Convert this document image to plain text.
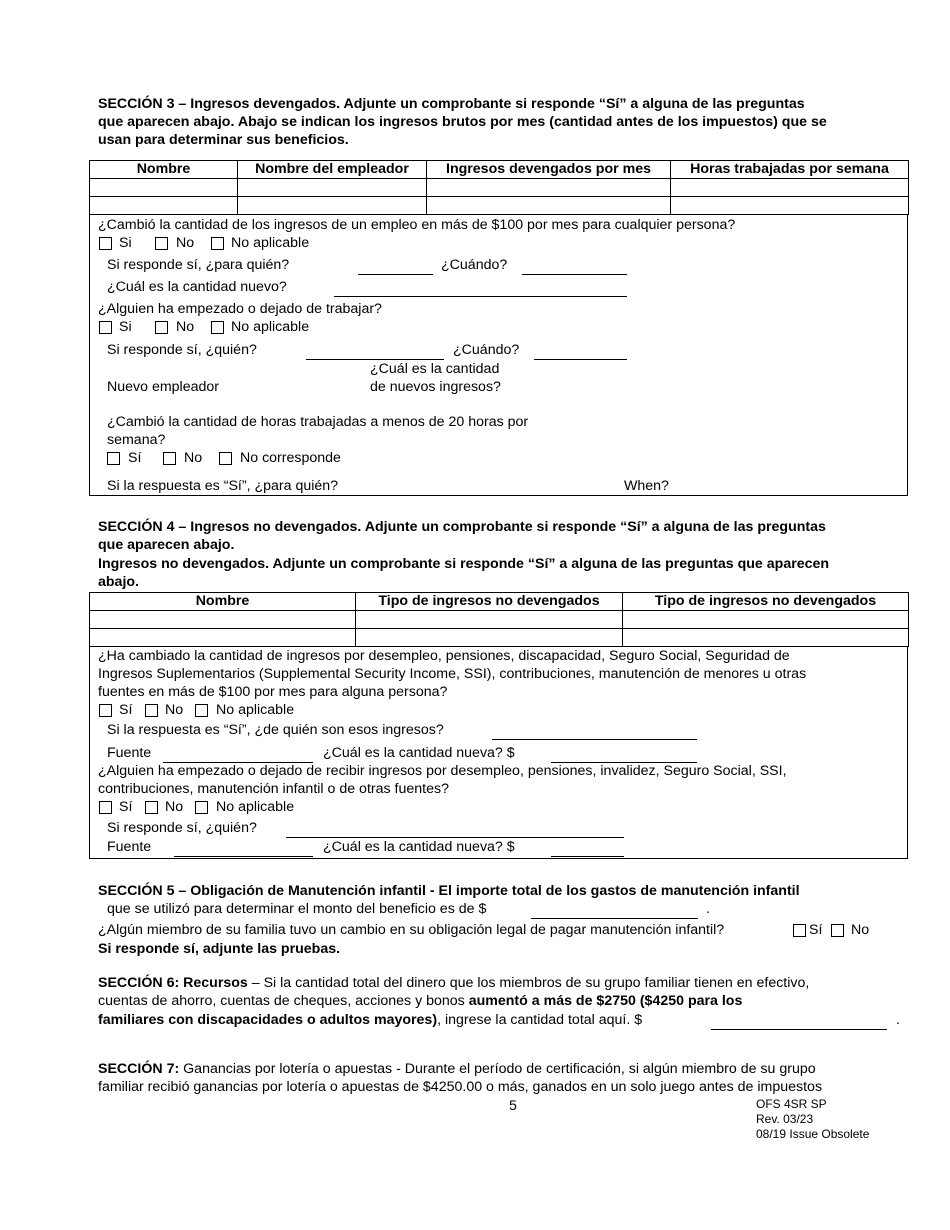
SECCIÓN 3 – Ingresos devengados. Adjunte un comprobante si responde “Sí” a alguna de las preguntas
que aparecen abajo. Abajo se indican los ingresos brutos por mes (cantidad antes de los impuestos) que se
usan para determinar sus beneficios.
Nombre	Nombre del empleador	Ingresos devengados por mes	Horas trabajadas por semana

¿Cambió la cantidad de los ingresos de un empleo en más de $100 por mes para cualquier persona?
Si	No	No aplicable
Si responde sí, ¿para quién?	¿Cuándo?
¿Cuál es la cantidad nuevo?
¿Alguien ha empezado o dejado de trabajar?
Si	No	No aplicable
Si responde sí, ¿quién?	¿Cuándo?
¿Cuál es la cantidad
Nuevo empleador	de nuevos ingresos?
¿Cambió la cantidad de horas trabajadas a menos de 20 horas por
semana?
Sí	No	No corresponde
Si la respuesta es “Sí”, ¿para quién?	When?
SECCIÓN 4 – Ingresos no devengados. Adjunte un comprobante si responde “Sí” a alguna de las preguntas
que aparecen abajo.
Ingresos no devengados. Adjunte un comprobante si responde “Sí” a alguna de las preguntas que aparecen
abajo.
Nombre	Tipo de ingresos no devengados	Tipo de ingresos no devengados

¿Ha cambiado la cantidad de ingresos por desempleo, pensiones, discapacidad, Seguro Social, Seguridad de
Ingresos Suplementarios (Supplemental Security Income, SSI), contribuciones, manutención de menores u otras
fuentes en más de $100 por mes para alguna persona?
Sí No No aplicable
Si la respuesta es “Sí”, ¿de quién son esos ingresos?
Fuente	¿Cuál es la cantidad nueva? $
¿Alguien ha empezado o dejado de recibir ingresos por desempleo, pensiones, invalidez, Seguro Social, SSI,
contribuciones, manutención infantil o de otras fuentes?
Sí No No aplicable
Si responde sí, ¿quién?
Fuente	¿Cuál es la cantidad nueva? $
SECCIÓN 5 – Obligación de Manutención infantil - El importe total de los gastos de manutención infantil
que se utilizó para determinar el monto del beneficio es de $	.
¿Algún miembro de su familia tuvo un cambio en su obligación legal de pagar manutención infantil?	Sí No
Si responde sí, adjunte las pruebas.
SECCIÓN 6: Recursos – Si la cantidad total del dinero que los miembros de su grupo familiar tienen en efectivo,
cuentas de ahorro, cuentas de cheques, acciones y bonos aumentó a más de $2750 ($4250 para los
familiares con discapacidades o adultos mayores), ingrese la cantidad total aquí. $	.
SECCIÓN 7: Ganancias por lotería o apuestas - Durante el período de certificación, si algún miembro de su grupo
familiar recibió ganancias por lotería o apuestas de $4250.00 o más, ganados en un solo juego antes de impuestos
5	OFS 4SR SP
Rev. 03/23
08/19 Issue Obsolete
